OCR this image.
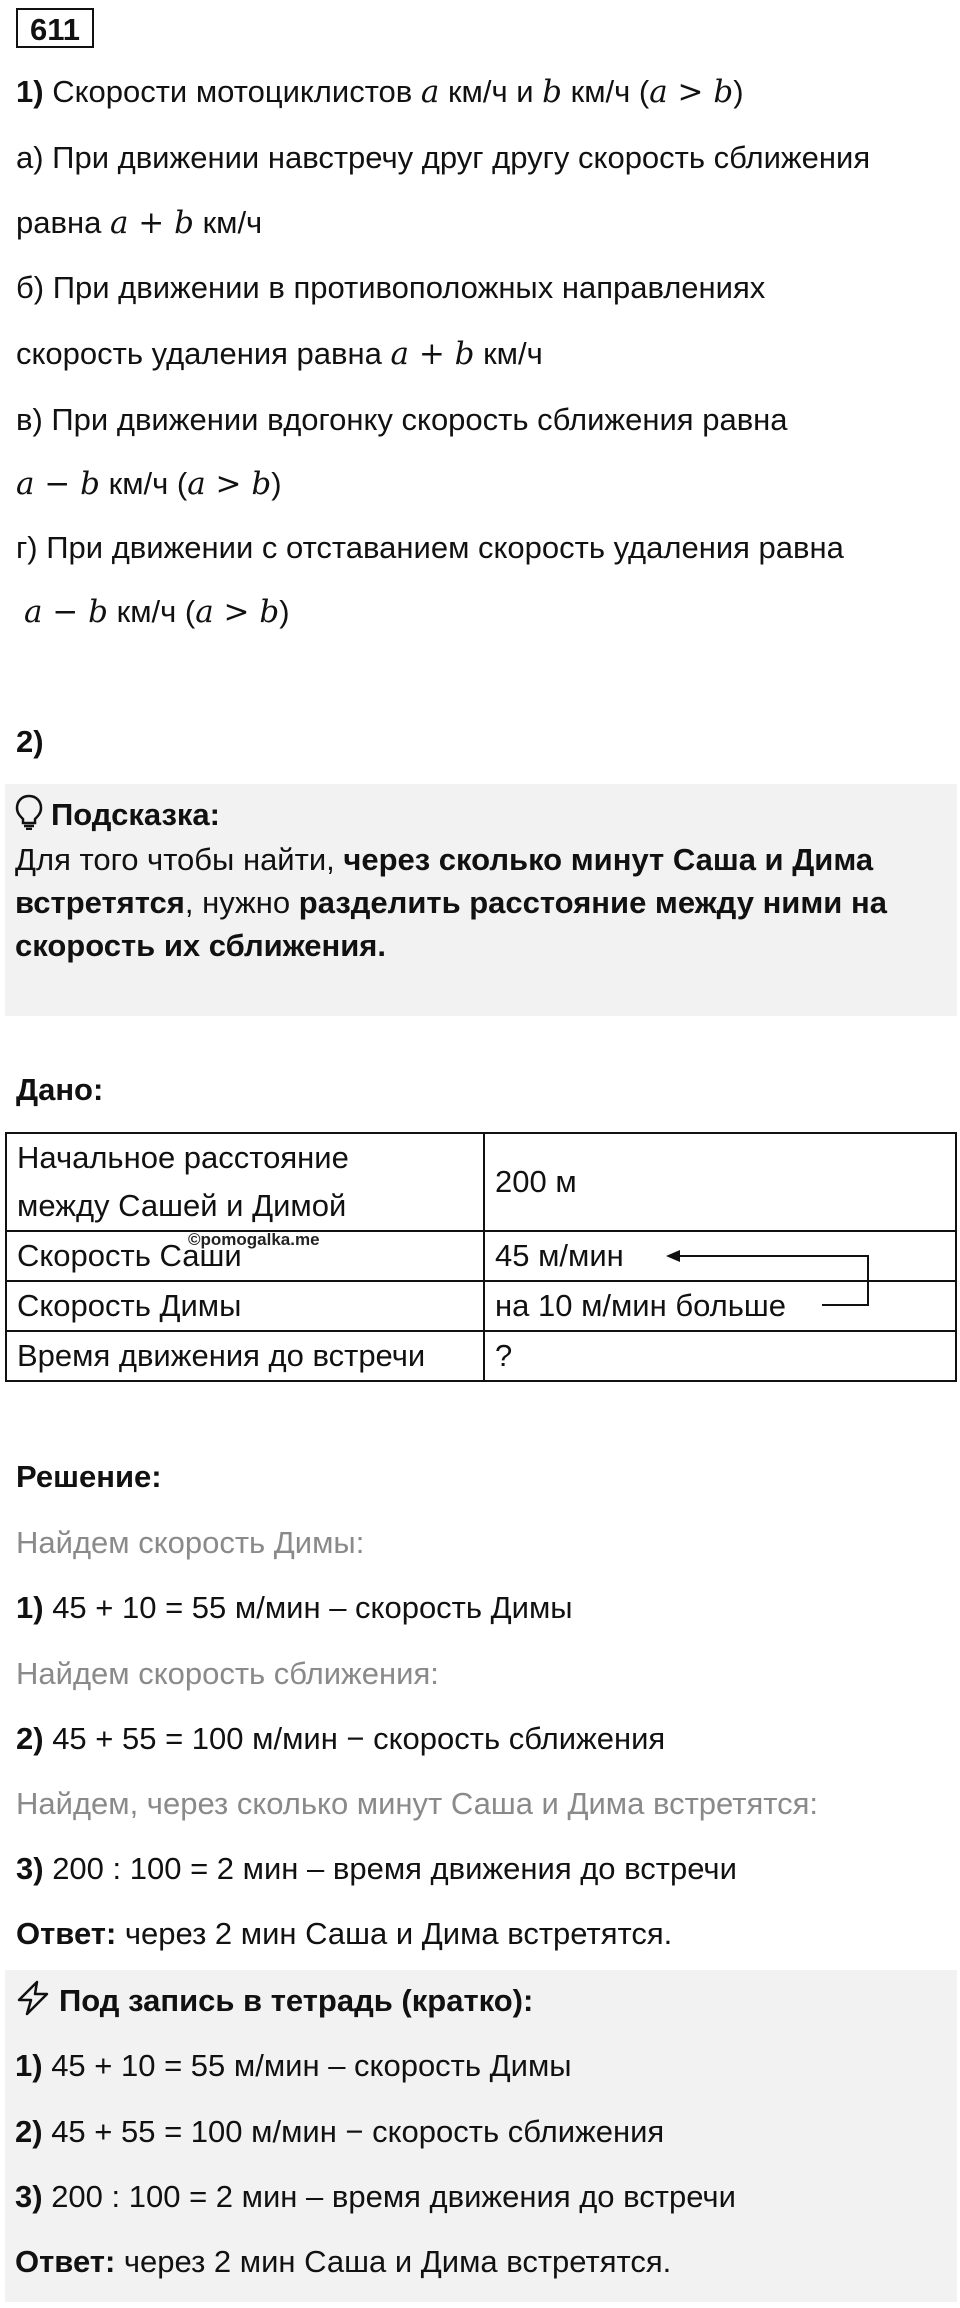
611
1) Скорости мотоциклистов a км/ч и b км/ч (a > b)
а) При движении навстречу друг другу скорость сближения
равна a + b км/ч
б) При движении в противоположных направлениях
скорость удаления равна a + b км/ч
в) При движении вдогонку скорость сближения равна
a − b км/ч (a > b)
г) При движении с отставанием скорость удаления равна
a − b км/ч (a > b)
2)
Подсказка:
Для того чтобы найти, через сколько минут Саша и Дима встретятся, нужно разделить расстояние между ними на скорость их сближения.
Дано:
Начальное расстояние
между Сашей и Димой	200 м
Скорость Саши	45 м/мин
Скорость Димы	на 10 м/мин больше
Время движения до встречи	?
©pomogalka.me
Решение:
Найдем скорость Димы:
1) 45 + 10 = 55 м/мин – скорость Димы
Найдем скорость сближения:
2) 45 + 55 = 100 м/мин − скорость сближения
Найдем, через сколько минут Саша и Дима встретятся:
3) 200 : 100 = 2 мин – время движения до встречи
Ответ: через 2 мин Саша и Дима встретятся.
Под запись в тетрадь (кратко):
1) 45 + 10 = 55 м/мин – скорость Димы
2) 45 + 55 = 100 м/мин − скорость сближения
3) 200 : 100 = 2 мин – время движения до встречи
Ответ: через 2 мин Саша и Дима встретятся.
